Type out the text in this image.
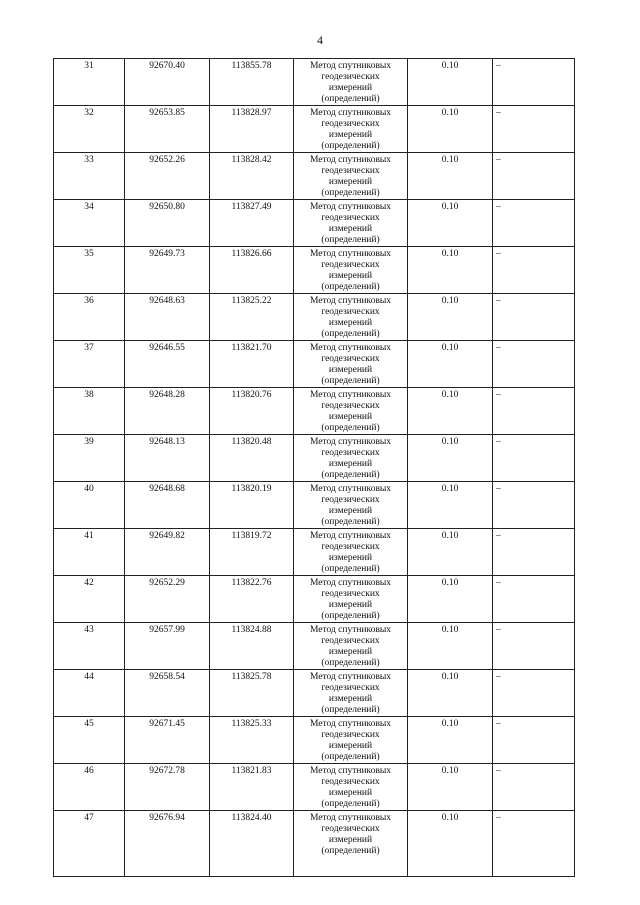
4
31	92670.40	113855.78	Метод спутниковых
геодезических
измерений
(определений)	0.10	–
32	92653.85	113828.97	Метод спутниковых
геодезических
измерений
(определений)	0.10	–
33	92652.26	113828.42	Метод спутниковых
геодезических
измерений
(определений)	0.10	–
34	92650.80	113827.49	Метод спутниковых
геодезических
измерений
(определений)	0.10	–
35	92649.73	113826.66	Метод спутниковых
геодезических
измерений
(определений)	0.10	–
36	92648.63	113825.22	Метод спутниковых
геодезических
измерений
(определений)	0.10	–
37	92646.55	113821.70	Метод спутниковых
геодезических
измерений
(определений)	0.10	–
38	92648.28	113820.76	Метод спутниковых
геодезических
измерений
(определений)	0.10	–
39	92648.13	113820.48	Метод спутниковых
геодезических
измерений
(определений)	0.10	–
40	92648.68	113820.19	Метод спутниковых
геодезических
измерений
(определений)	0.10	–
41	92649.82	113819.72	Метод спутниковых
геодезических
измерений
(определений)	0.10	–
42	92652.29	113822.76	Метод спутниковых
геодезических
измерений
(определений)	0.10	–
43	92657.99	113824.88	Метод спутниковых
геодезических
измерений
(определений)	0.10	–
44	92658.54	113825.78	Метод спутниковых
геодезических
измерений
(определений)	0.10	–
45	92671.45	113825.33	Метод спутниковых
геодезических
измерений
(определений)	0.10	–
46	92672.78	113821.83	Метод спутниковых
геодезических
измерений
(определений)	0.10	–
47	92676.94	113824.40	Метод спутниковых
геодезических
измерений
(определений)	0.10	–
